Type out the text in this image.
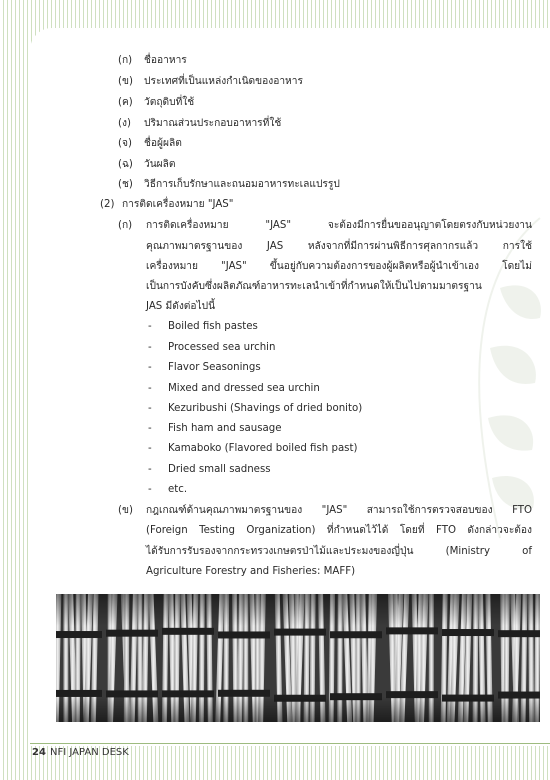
(ก) ชื่ออาหาร
(ข) ประเทศที่เป็นแหล่งกำเนิดของอาหาร
(ค) วัตถุดิบที่ใช้
(ง) ปริมาณส่วนประกอบอาหารที่ใช้
(จ) ชื่อผู้ผลิต
(ฉ) วันผลิต
(ช) วิธีการเก็บรักษาและถนอมอาหารทะเลแปรรูป
(2) การติดเครื่องหมาย "JAS"
(ก) การติดเครื่องหมาย "JAS" จะต้องมีการยื่นขออนุญาตโดยตรงกับหน่วยงาน
คุณภาพมาตรฐานของ JAS หลังจากที่มีการผ่านพิธีการศุลกากรแล้ว การใช้
เครื่องหมาย "JAS" ขึ้นอยู่กับความต้องการของผู้ผลิตหรือผู้นำเข้าเอง โดยไม่
เป็นการบังคับซึ่งผลิตภัณฑ์อาหารทะเลนำเข้าที่กำหนดให้เป็นไปตามมาตรฐาน
JAS มีดังต่อไปนี้
- Boiled fish pastes
- Processed sea urchin
- Flavor Seasonings
- Mixed and dressed sea urchin
- Kezuribushi (Shavings of dried bonito)
- Fish ham and sausage
- Kamaboko (Flavored boiled fish past)
- Dried small sadness
- etc.
(ข) กฎเกณฑ์ด้านคุณภาพมาตรฐานของ "JAS" สามารถใช้การตรวจสอบของ FTO
(Foreign Testing Organization) ที่กำหนดไว้ได้ โดยที่ FTO ดังกล่าวจะต้อง
ได้รับการรับรองจากกระทรวงเกษตรป่าไม้และประมงของญี่ปุ่น (Ministry of
Agriculture Forestry and Fisheries: MAFF)
24 NFI JAPAN DESK
